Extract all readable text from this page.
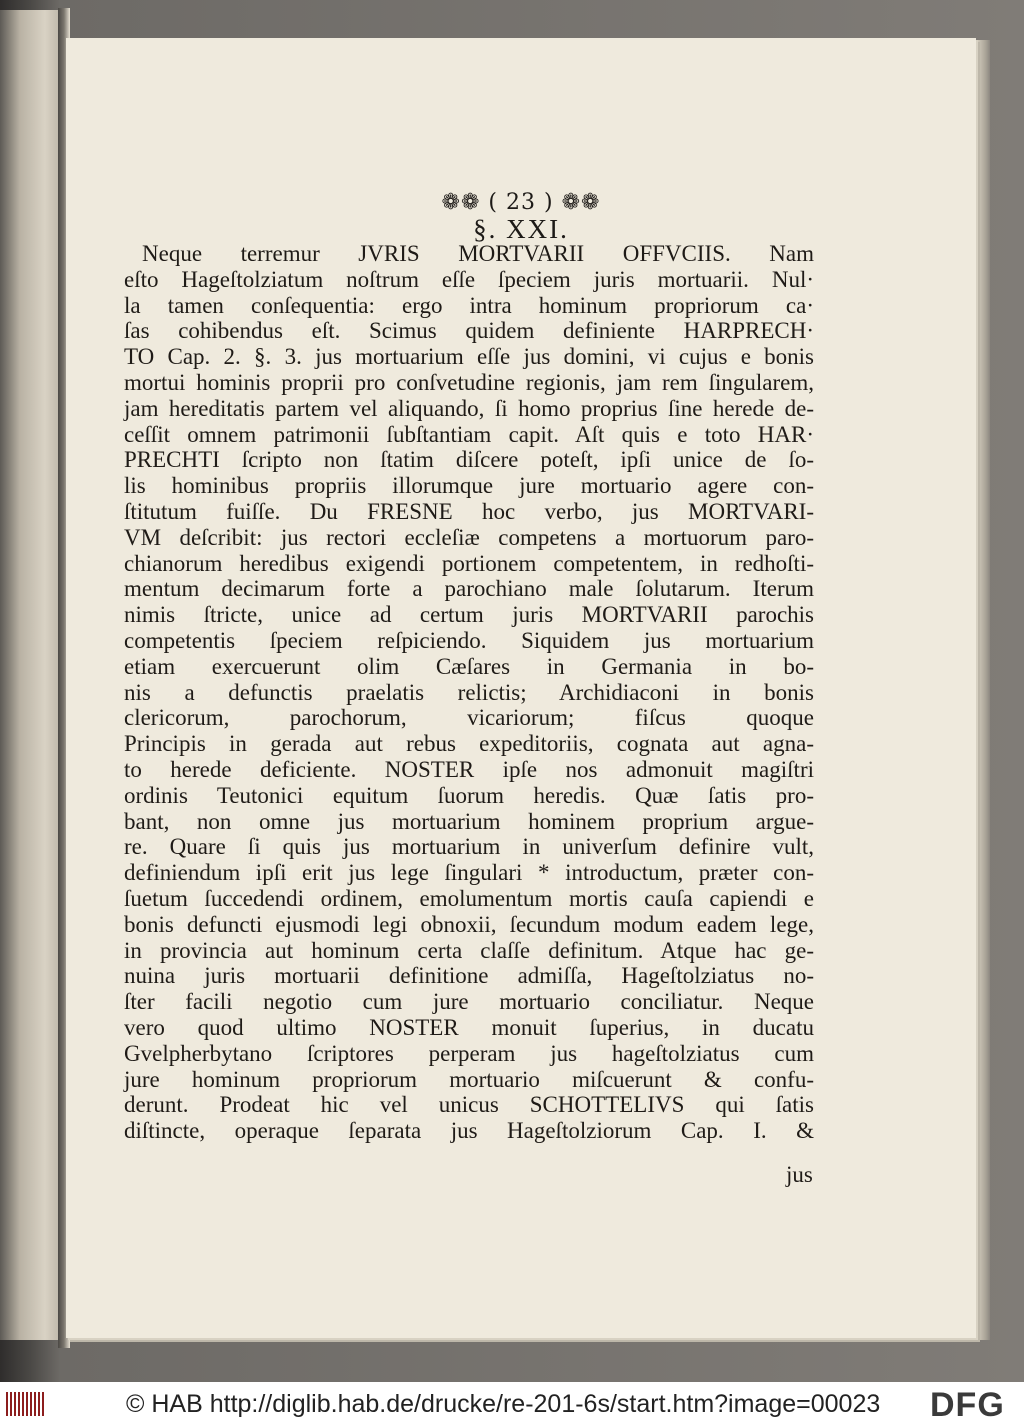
❁❁ ( 23 ) ❁❁
§. XXI.
Neque terremur JVRIS MORTVARII OFFVCIIS. Nam
eſto Hageſtolziatum noſtrum eſſe ſpeciem juris mortuarii. Nul·
la tamen conſequentia: ergo intra hominum propriorum ca·
ſas cohibendus eſt. Scimus quidem definiente HARPRECH·
TO Cap. 2. §. 3. jus mortuarium eſſe jus domini, vi cujus e bonis
mortui hominis proprii pro conſvetudine regionis, jam rem ſingularem,
jam hereditatis partem vel aliquando, ſi homo proprius ſine herede de-
ceſſit omnem patrimonii ſubſtantiam capit. Aſt quis e toto HAR·
PRECHTI ſcripto non ſtatim diſcere poteſt, ipſi unice de ſo-
lis hominibus propriis illorumque jure mortuario agere con-
ſtitutum fuiſſe. Du FRESNE hoc verbo, jus MORTVARI-
VM deſcribit: jus rectori eccleſiæ competens a mortuorum paro-
chianorum heredibus exigendi portionem competentem, in redhoſti-
mentum decimarum forte a parochiano male ſolutarum. Iterum
nimis ſtricte, unice ad certum juris MORTVARII parochis
competentis ſpeciem reſpiciendo. Siquidem jus mortuarium
etiam exercuerunt olim Cæſares in Germania in bo-
nis a defunctis praelatis relictis; Archidiaconi in bonis
clericorum, parochorum, vicariorum; fiſcus quoque
Principis in gerada aut rebus expeditoriis, cognata aut agna-
to herede deficiente. NOSTER ipſe nos admonuit magiſtri
ordinis Teutonici equitum ſuorum heredis. Quæ ſatis pro-
bant, non omne jus mortuarium hominem proprium argue-
re. Quare ſi quis jus mortuarium in univerſum definire vult,
definiendum ipſi erit jus lege ſingulari * introductum, præter con-
ſuetum ſuccedendi ordinem, emolumentum mortis cauſa capiendi e
bonis defuncti ejusmodi legi obnoxii, ſecundum modum eadem lege,
in provincia aut hominum certa claſſe definitum. Atque hac ge-
nuina juris mortuarii definitione admiſſa, Hageſtolziatus no-
ſter facili negotio cum jure mortuario conciliatur. Neque
vero quod ultimo NOSTER monuit ſuperius, in ducatu
Gvelpherbytano ſcriptores perperam jus hageſtolziatus cum
jure hominum propriorum mortuario miſcuerunt & confu-
derunt. Prodeat hic vel unicus SCHOTTELIVS qui ſatis
diſtincte, operaque ſeparata jus Hageſtolziorum Cap. I. &
jus
© HAB http://diglib.hab.de/drucke/re-201-6s/start.htm?image=00023 DFG
